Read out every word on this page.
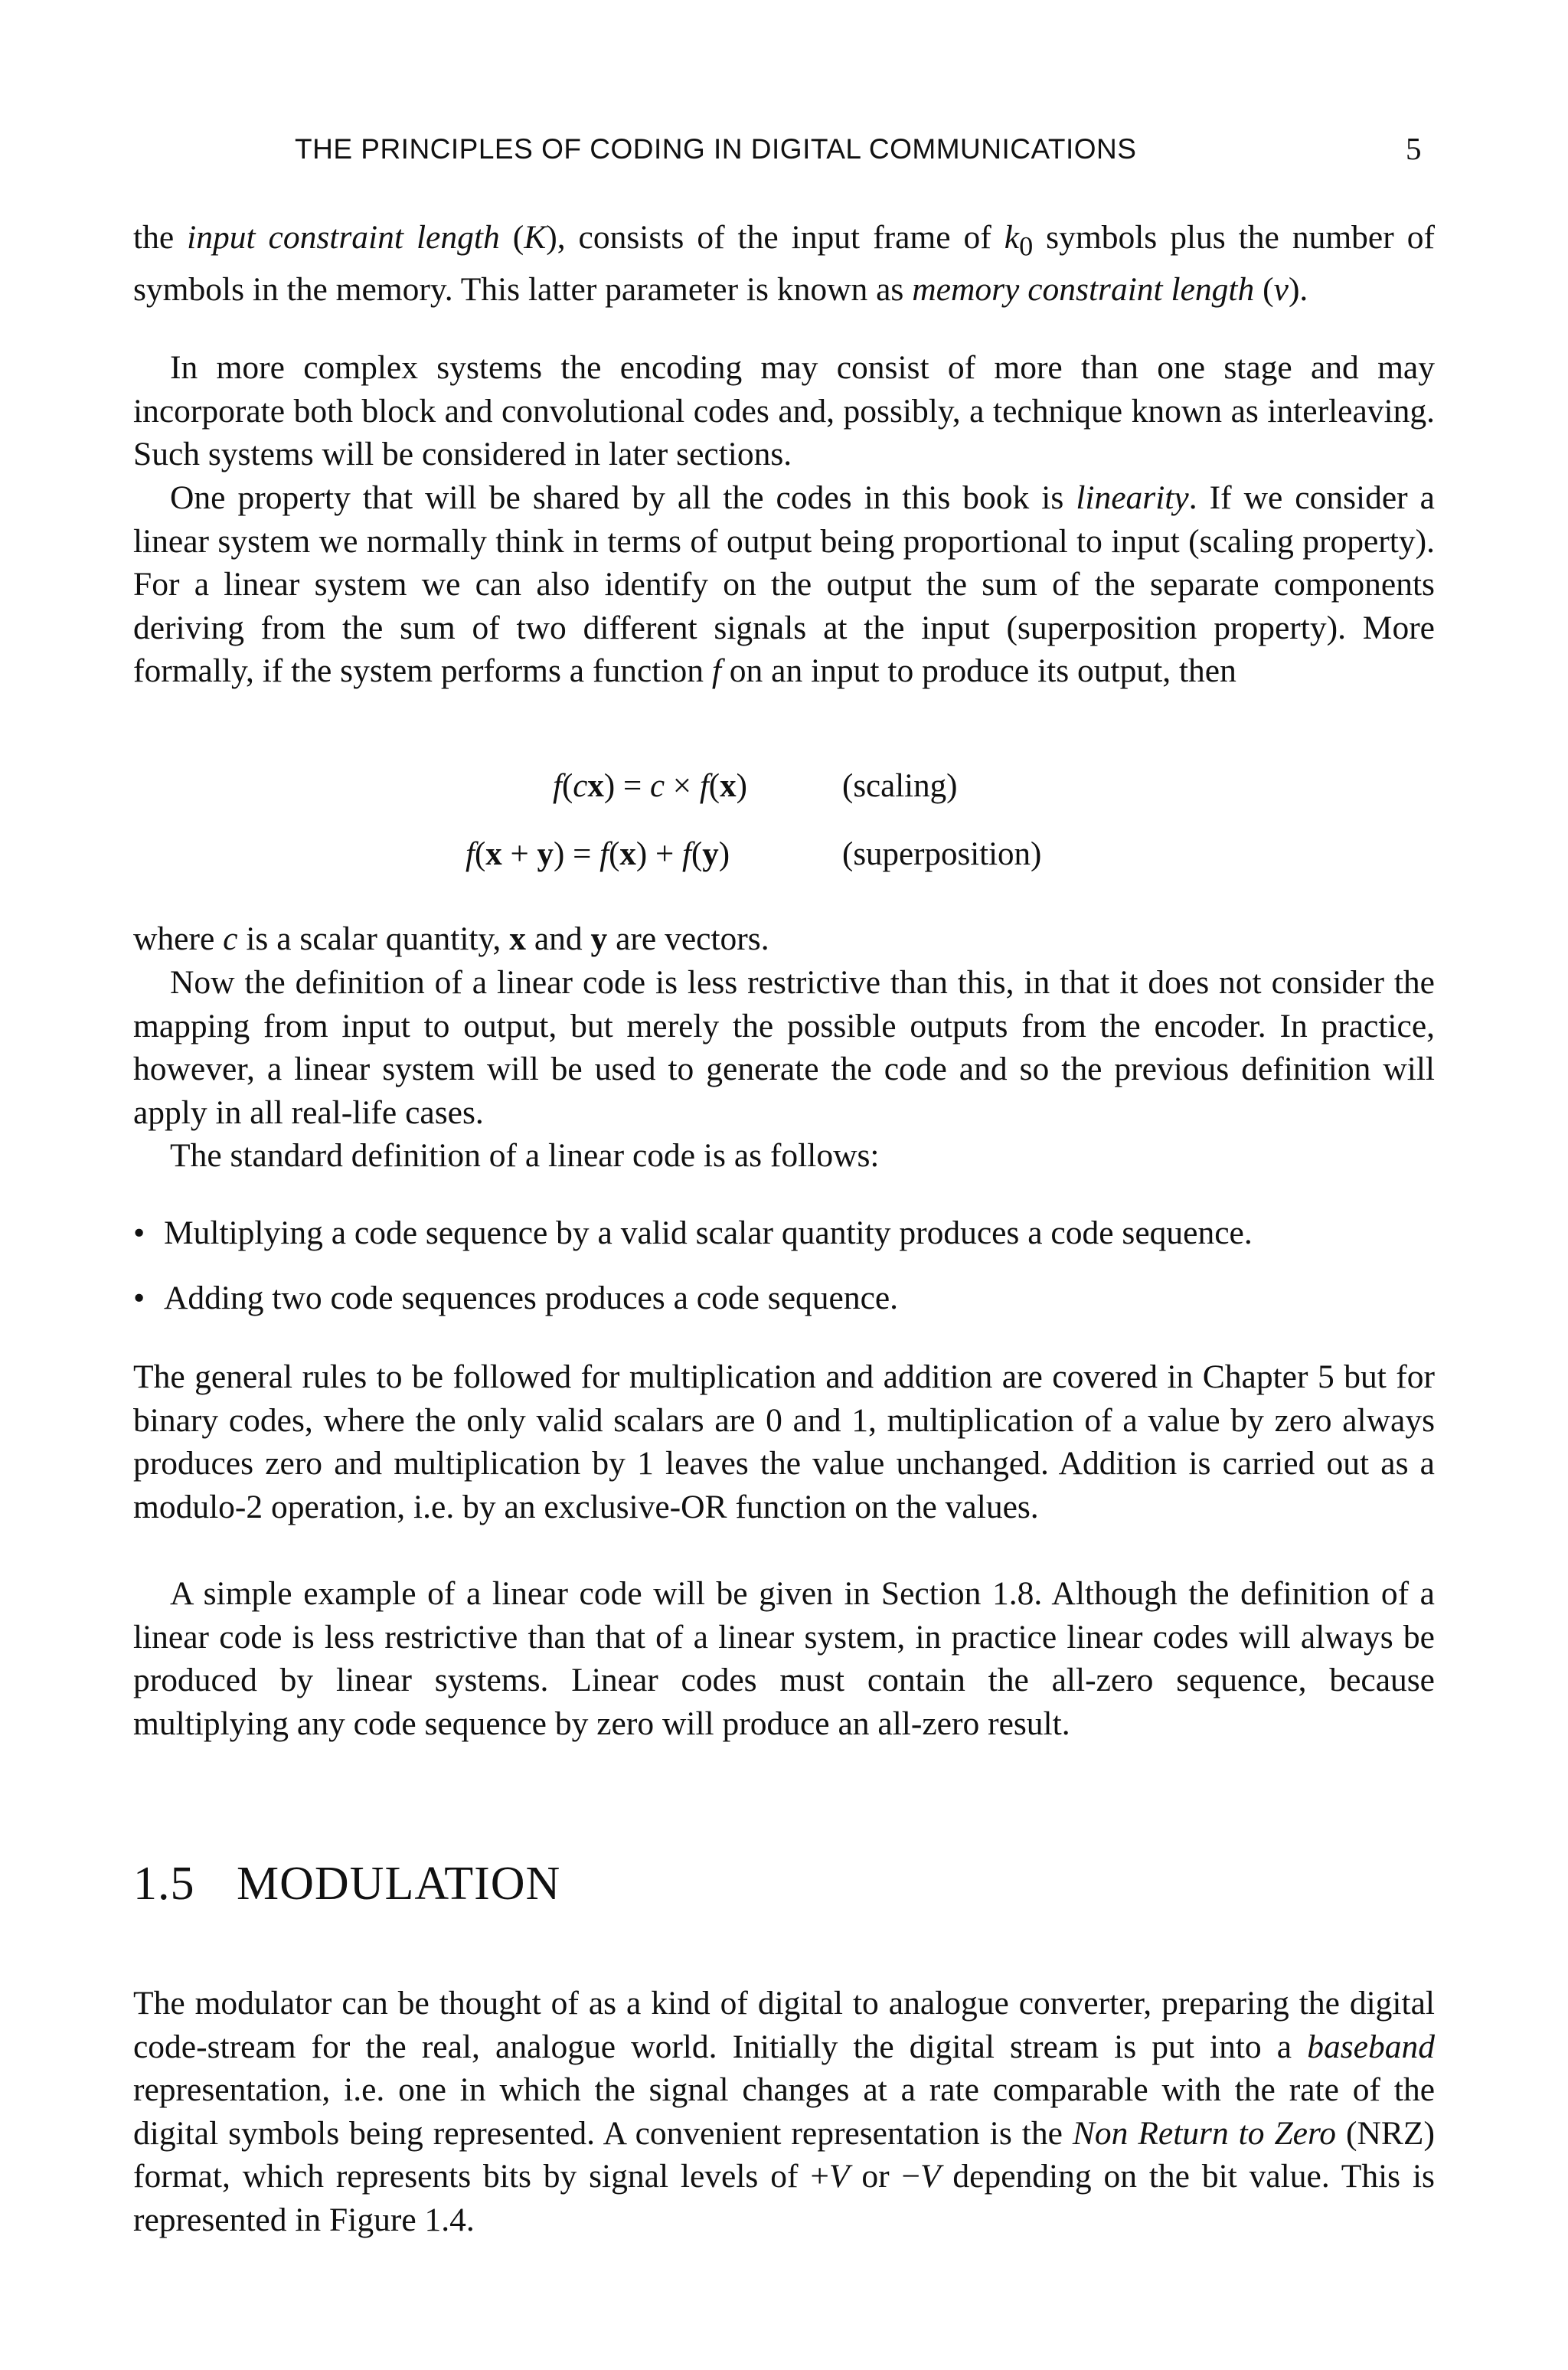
THE PRINCIPLES OF CODING IN DIGITAL COMMUNICATIONS	5

the input constraint length (K), consists of the input frame of $k_0$ symbols plus the number of symbols in the memory. This latter parameter is known as memory constraint length (v).

In more complex systems the encoding may consist of more than one stage and may incorporate both block and convolutional codes and, possibly, a technique known as interleaving. Such systems will be considered in later sections.

One property that will be shared by all the codes in this book is linearity. If we consider a linear system we normally think in terms of output being proportional to input (scaling property). For a linear system we can also identify on the output the sum of the separate components deriving from the sum of two different signals at the input (superposition property). More formally, if the system performs a function f on an input to produce its output, then

f(cx) = c × f(x)	(scaling)
f(x + y) = f(x) + f(y)	(superposition)

where c is a scalar quantity, x and y are vectors.

Now the definition of a linear code is less restrictive than this, in that it does not consider the mapping from input to output, but merely the possible outputs from the encoder. In practice, however, a linear system will be used to generate the code and so the previous definition will apply in all real-life cases.

The standard definition of a linear code is as follows:

• Multiplying a code sequence by a valid scalar quantity produces a code sequence.
• Adding two code sequences produces a code sequence.

The general rules to be followed for multiplication and addition are covered in Chapter 5 but for binary codes, where the only valid scalars are 0 and 1, multiplication of a value by zero always produces zero and multiplication by 1 leaves the value unchanged. Addition is carried out as a modulo-2 operation, i.e. by an exclusive-OR function on the values.

A simple example of a linear code will be given in Section 1.8. Although the definition of a linear code is less restrictive than that of a linear system, in practice linear codes will always be produced by linear systems. Linear codes must contain the all-zero sequence, because multiplying any code sequence by zero will produce an all-zero result.

1.5 MODULATION

The modulator can be thought of as a kind of digital to analogue converter, preparing the digital code-stream for the real, analogue world. Initially the digital stream is put into a baseband representation, i.e. one in which the signal changes at a rate comparable with the rate of the digital symbols being represented. A convenient representation is the Non Return to Zero (NRZ) format, which represents bits by signal levels of +V or −V depending on the bit value. This is represented in Figure 1.4.
